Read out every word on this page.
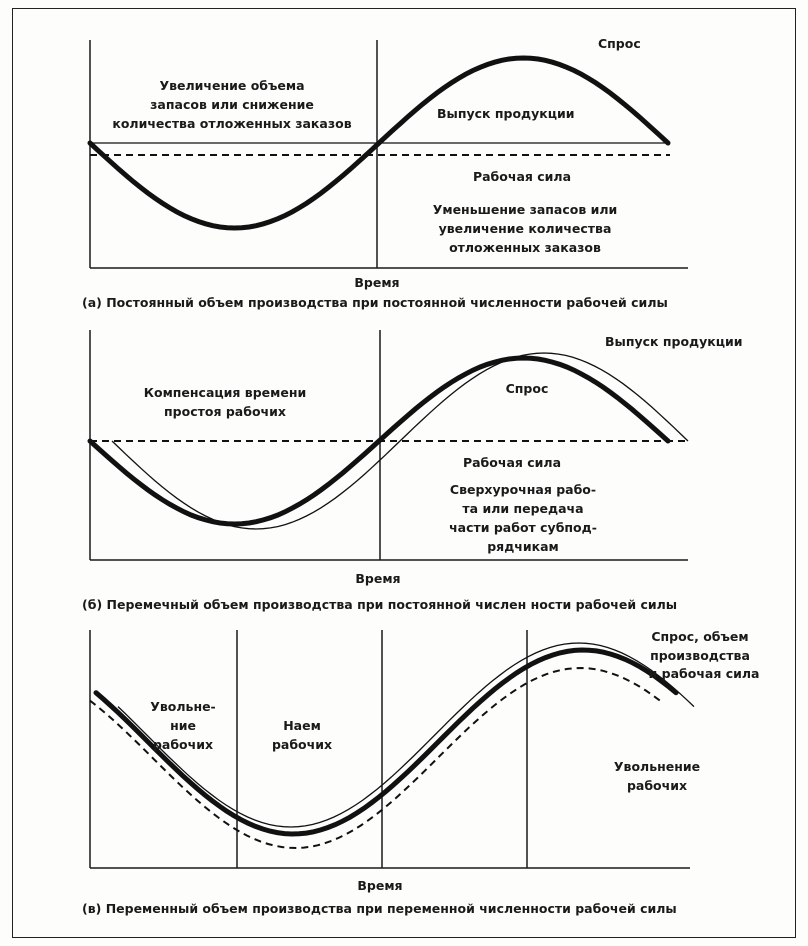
Спрос
Выпуск продукции
Увеличение объема
запасов или снижение
количества отложенных заказов
Рабочая сила
Уменьшение запасов или
увеличение количества
отложенных заказов
Время
(а) Постоянный объем производства при постоянной численности рабочей силы
Выпуск продукции
Компенсация времени
простоя рабочих
Спрос
Рабочая сила
Сверхурочная рабо-
та или передача
части работ субпод-
рядчикам
Время
(б) Перемечный объем производства при постоянной числен ности рабочей силы
Спрос, объем
производства
и рабочая сила
Увольне-
ние
рабочих
Наем
рабочих
Увольнение
рабочих
Время
(в) Переменный объем производства при переменной численности рабочей силы
